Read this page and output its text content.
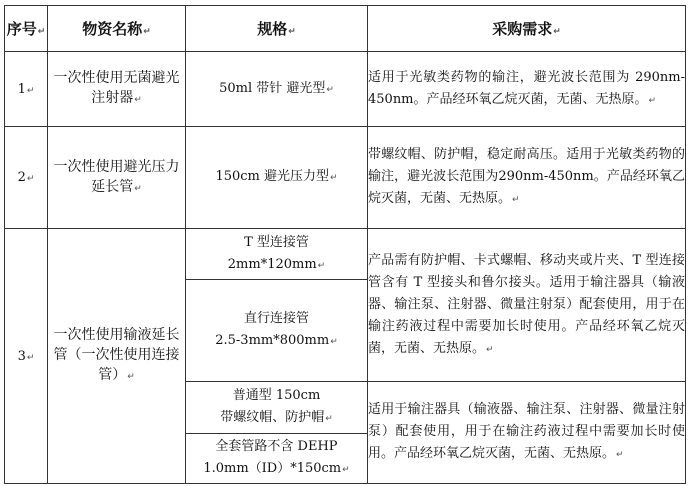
序号↵	物资名称↵	规格↵	采购需求↵
1↵	一次性使用无菌避光注射器↵	50ml 带针 避光型↵	适用于光敏类药物的输注，避光波长范围为 290nm-450nm。产品经环氧乙烷灭菌，无菌、无热原。↵
2↵	一次性使用避光压力延长管↵	150cm 避光压力型↵	带螺纹帽、防护帽，稳定耐高压。适用于光敏类药物的输注，避光波长范围为290nm-450nm。产品经环氧乙烷灭菌，无菌、无热原。↵
3↵	一次性使用输液延长管（一次性使用连接管）↵	T 型连接管
2mm*120mm↵	产品需有防护帽、卡式螺帽、移动夹或片夹、T 型连接管含有 T 型接头和鲁尔接头。适用于输注器具（输液器、输注泵、注射器、微量注射泵）配套使用，用于在输注药液过程中需要加长时使用。产品经环氧乙烷灭菌，无菌、无热原。↵

		直行连接管
2.5-3mm*800mm↵	

		普通型 150cm
带螺纹帽、防护帽↵	适用于输注器具（输液器、输注泵、注射器、微量注射泵）配套使用，用于在输注药液过程中需要加长时使用。产品经环氧乙烷灭菌，无菌、无热原。↵

		全套管路不含 DEHP
1.0mm（ID）*150cm↵	
